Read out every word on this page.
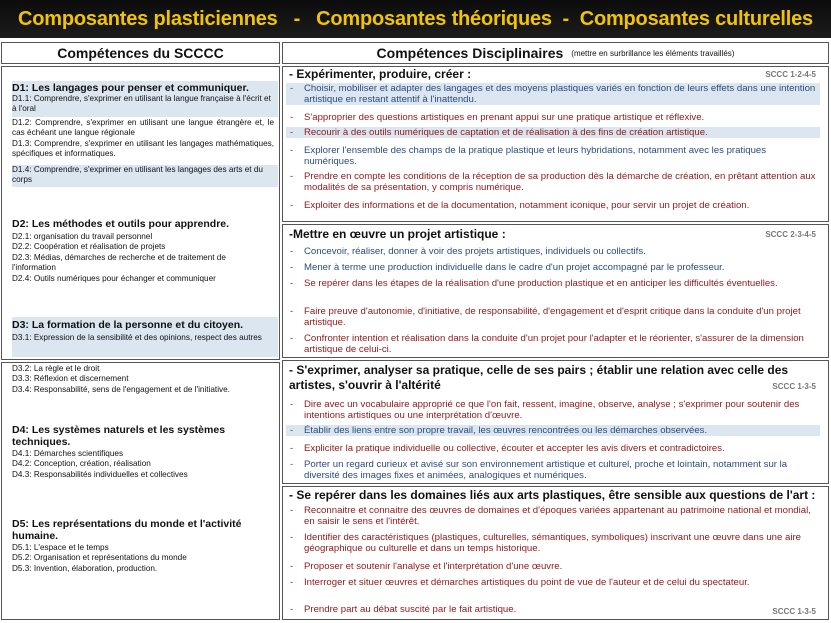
Composantes plasticiennes   -   Composantes théoriques  -  Composantes culturelles
Compétences du SCCCC	Compétences Disciplinaires (mettre en surbrillance les éléments travaillés)
D1: Les langages pour penser et communiquer.
D1.1: Comprendre, s'exprimer en utilisant la langue française à l'écrit et à l'oral
D1.2: Comprendre, s'exprimer en utilisant une langue étrangère et, le cas échéant une langue régionale
D1.3: Comprendre, s'exprimer en utilisant les langages mathématiques, spécifiques et informatiques.
D1.4: Comprendre, s'exprimer en utilisant les langages des arts et du corps
D2: Les méthodes et outils pour apprendre.
D2.1: organisation du travail personnel
D2.2: Coopération et réalisation de projets
D2.3: Médias, démarches de recherche et de traitement de l'information
D2.4: Outils numériques pour échanger et communiquer
D3: La formation de la personne et du citoyen.
D3.1: Expression de la sensibilité et des opinions, respect des autres
D3.2: La règle et le droit
D3.3: Réflexion et discernement
D3.4: Responsabilité, sens de l'engagement et de l'initiative.
D4: Les systèmes naturels et les systèmes techniques.
D4.1: Démarches scientifiques
D4.2: Conception, création, réalisation
D4.3: Responsabilités individuelles et collectives
D5: Les représentations du monde et l'activité humaine.
D5.1: L'espace et le temps
D5.2: Organisation et représentations du monde
D5.3: Invention, élaboration, production.
- Expérimenter, produire, créer :	SCCC 1-2-4-5
- Choisir, mobiliser et adapter des langages et des moyens plastiques variés en fonction de leurs effets dans une intention artistique en restant attentif à l'inattendu.
- S'approprier des questions artistiques en prenant appui sur une pratique artistique et réflexive.
- Recourir à des outils numériques de captation et de réalisation à des fins de création artistique.
- Explorer l'ensemble des champs de la pratique plastique et leurs hybridations, notamment avec les pratiques numériques.
- Prendre en compte les conditions de la réception de sa production dès la démarche de création, en prêtant attention aux modalités de sa présentation, y compris numérique.
- Exploiter des informations et de la documentation, notamment iconique, pour servir un projet de création.
-Mettre en œuvre un projet artistique :	SCCC 2-3-4-5
- Concevoir, réaliser, donner à voir des projets artistiques, individuels ou collectifs.
- Mener à terme une production individuelle dans le cadre d'un projet accompagné par le professeur.
- Se repérer dans les étapes de la réalisation d'une production plastique et en anticiper les difficultés éventuelles.
- Faire preuve d'autonomie, d'initiative, de responsabilité, d'engagement et d'esprit critique dans la conduite d'un projet artistique.
- Confronter intention et réalisation dans la conduite d'un projet pour l'adapter et le réorienter, s'assurer de la dimension artistique de celui-ci.
- S'exprimer, analyser sa pratique, celle de ses pairs ; établir une relation avec celle des artistes, s'ouvrir à l'altérité	SCCC 1-3-5
- Dire avec un vocabulaire approprié ce que l'on fait, ressent, imagine, observe, analyse ; s'exprimer pour soutenir des intentions artistiques ou une interprétation d'œuvre.
- Établir des liens entre son propre travail, les œuvres rencontrées ou les démarches observées.
- Expliciter la pratique individuelle ou collective, écouter et accepter les avis divers et contradictoires.
- Porter un regard curieux et avisé sur son environnement artistique et culturel, proche et lointain, notamment sur la diversité des images fixes et animées, analogiques et numériques.
- Se repérer dans les domaines liés aux arts plastiques, être sensible aux questions de l'art :
- Reconnaitre et connaitre des œuvres de domaines et d'époques variées appartenant au patrimoine national et mondial, en saisir le sens et l'intérêt.
- Identifier des caractéristiques (plastiques, culturelles, sémantiques, symboliques) inscrivant une œuvre dans une aire géographique ou culturelle et dans un temps historique.
- Proposer et soutenir l'analyse et l'interprétation d'une œuvre.
- Interroger et situer œuvres et démarches artistiques du point de vue de l'auteur et de celui du spectateur.
- Prendre part au débat suscité par le fait artistique.	SCCC 1-3-5
